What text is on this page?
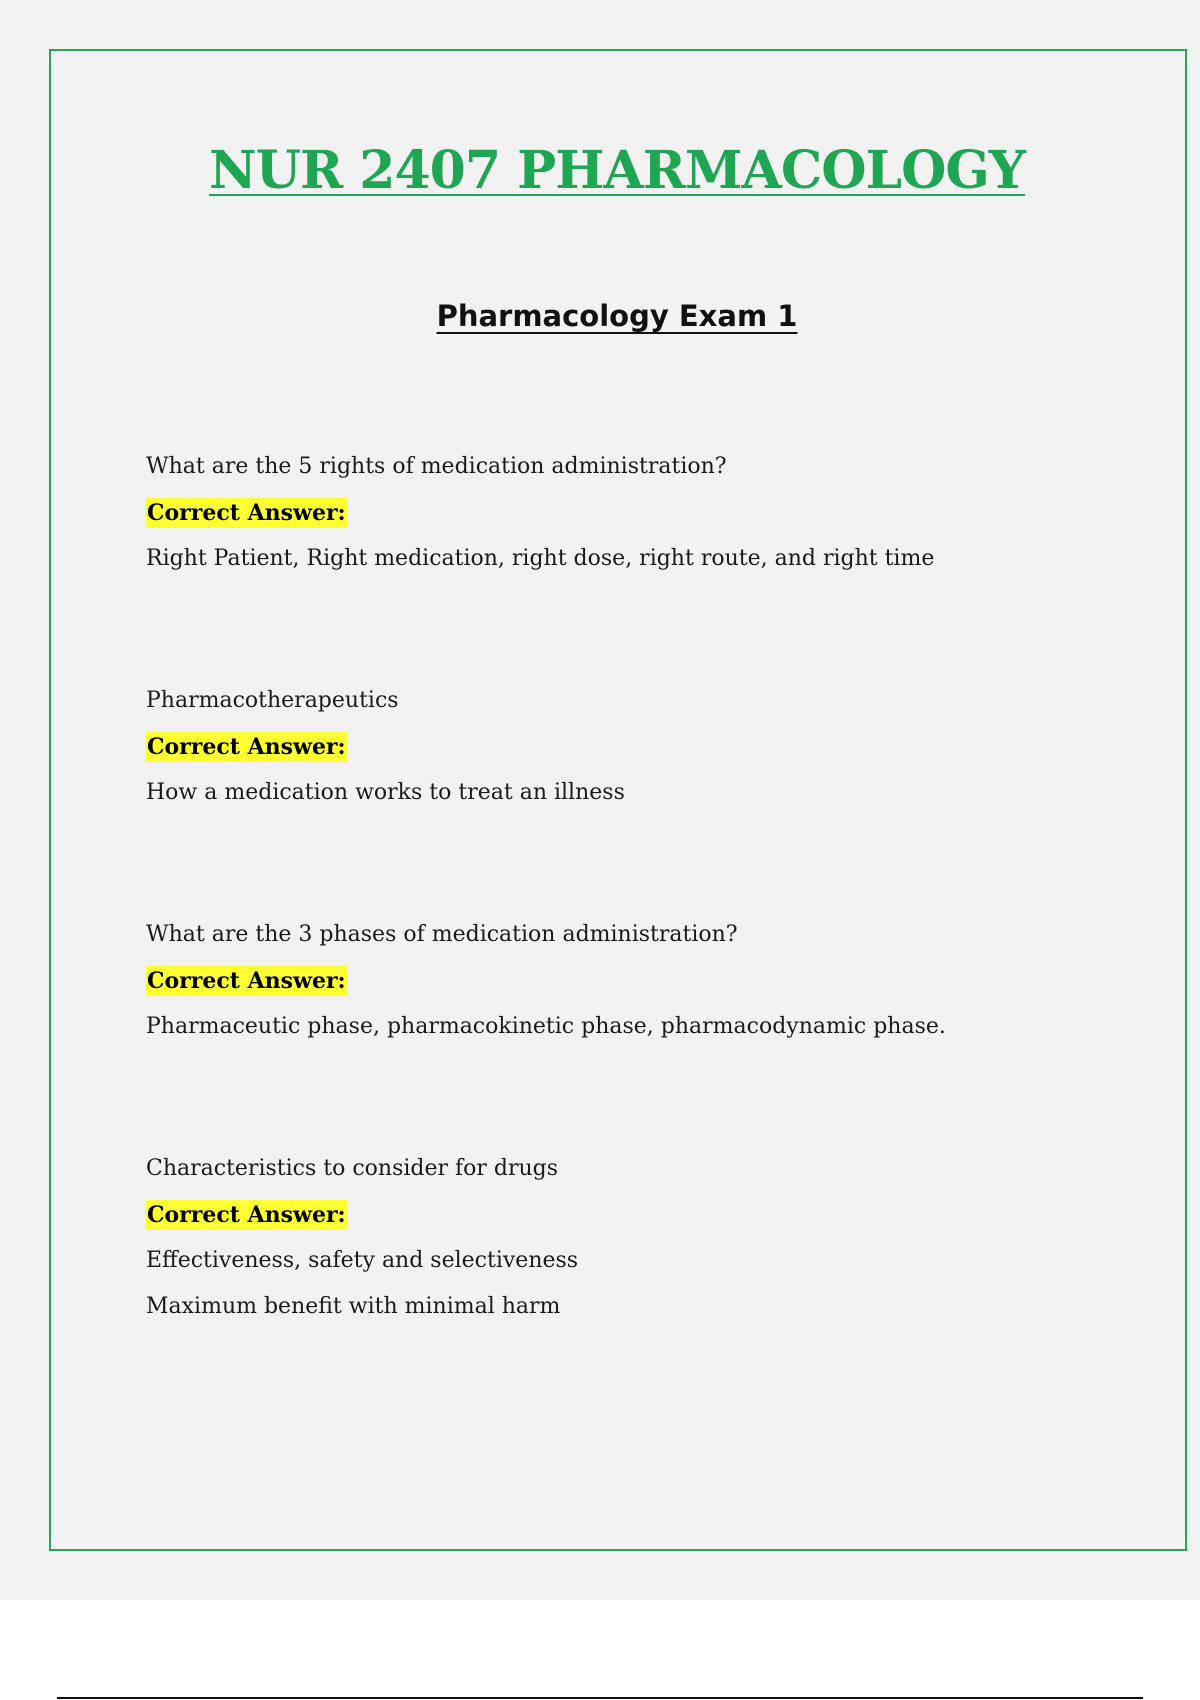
NUR 2407 PHARMACOLOGY
Pharmacology Exam 1
What are the 5 rights of medication administration?
Correct Answer:
Right Patient, Right medication, right dose, right route, and right time
Pharmacotherapeutics
Correct Answer:
How a medication works to treat an illness
What are the 3 phases of medication administration?
Correct Answer:
Pharmaceutic phase, pharmacokinetic phase, pharmacodynamic phase.
Characteristics to consider for drugs
Correct Answer:
Effectiveness, safety and selectiveness
Maximum benefit with minimal harm
